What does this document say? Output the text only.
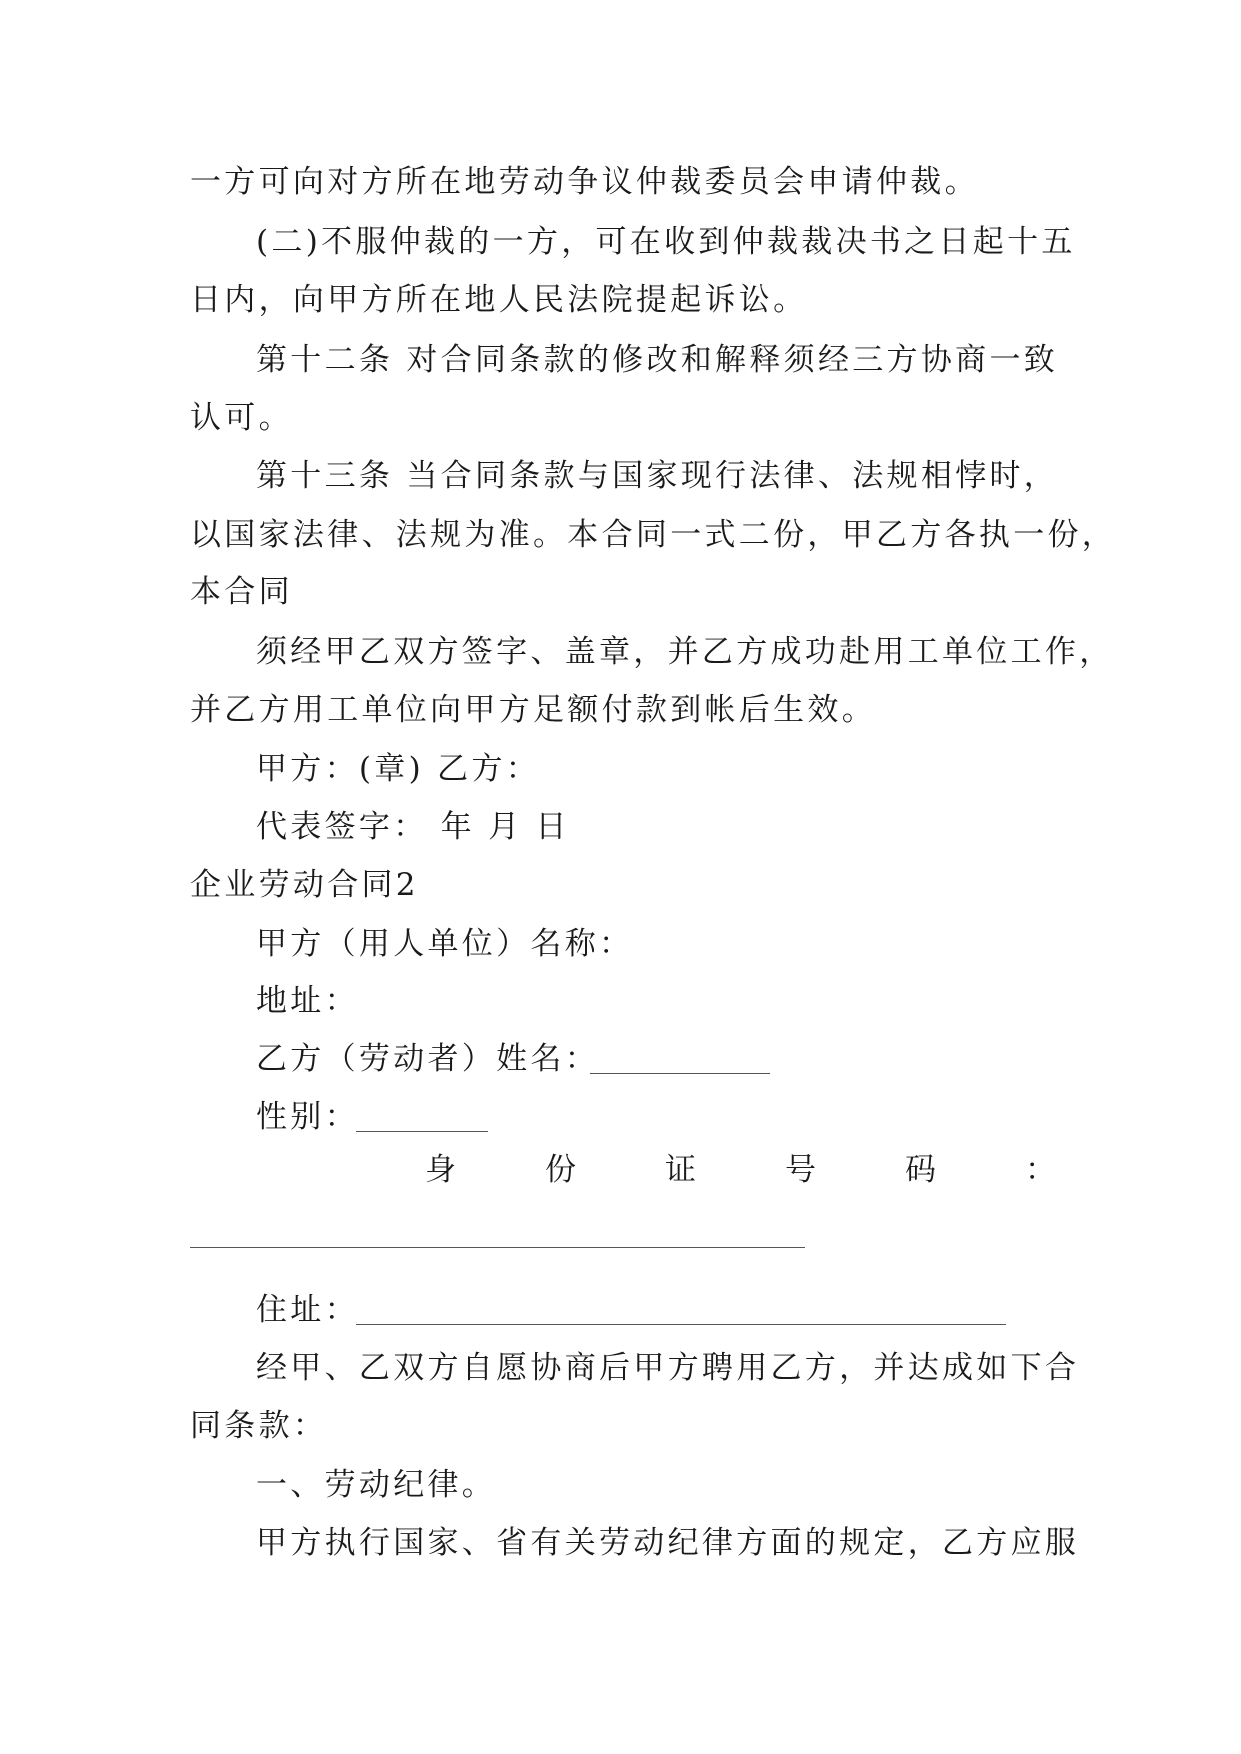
一方可向对方所在地劳动争议仲裁委员会申请仲裁。
(二)不服仲裁的一方，可在收到仲裁裁决书之日起十五
日内，向甲方所在地人民法院提起诉讼。
第十二条 对合同条款的修改和解释须经三方协商一致
认可。
第十三条 当合同条款与国家现行法律、法规相悖时，
以国家法律、法规为准。本合同一式二份，甲乙方各执一份，
本合同
须经甲乙双方签字、盖章，并乙方成功赴用工单位工作，
并乙方用工单位向甲方足额付款到帐后生效。
甲方：(章) 乙方：
代表签字： 年 月 日
企业劳动合同2
甲方（用人单位）名称：
地址：
乙方（劳动者）姓名：
性别：
身	份	证	号	码	：
住址：
经甲、乙双方自愿协商后甲方聘用乙方，并达成如下合
同条款：
一、劳动纪律。
甲方执行国家、省有关劳动纪律方面的规定，乙方应服
